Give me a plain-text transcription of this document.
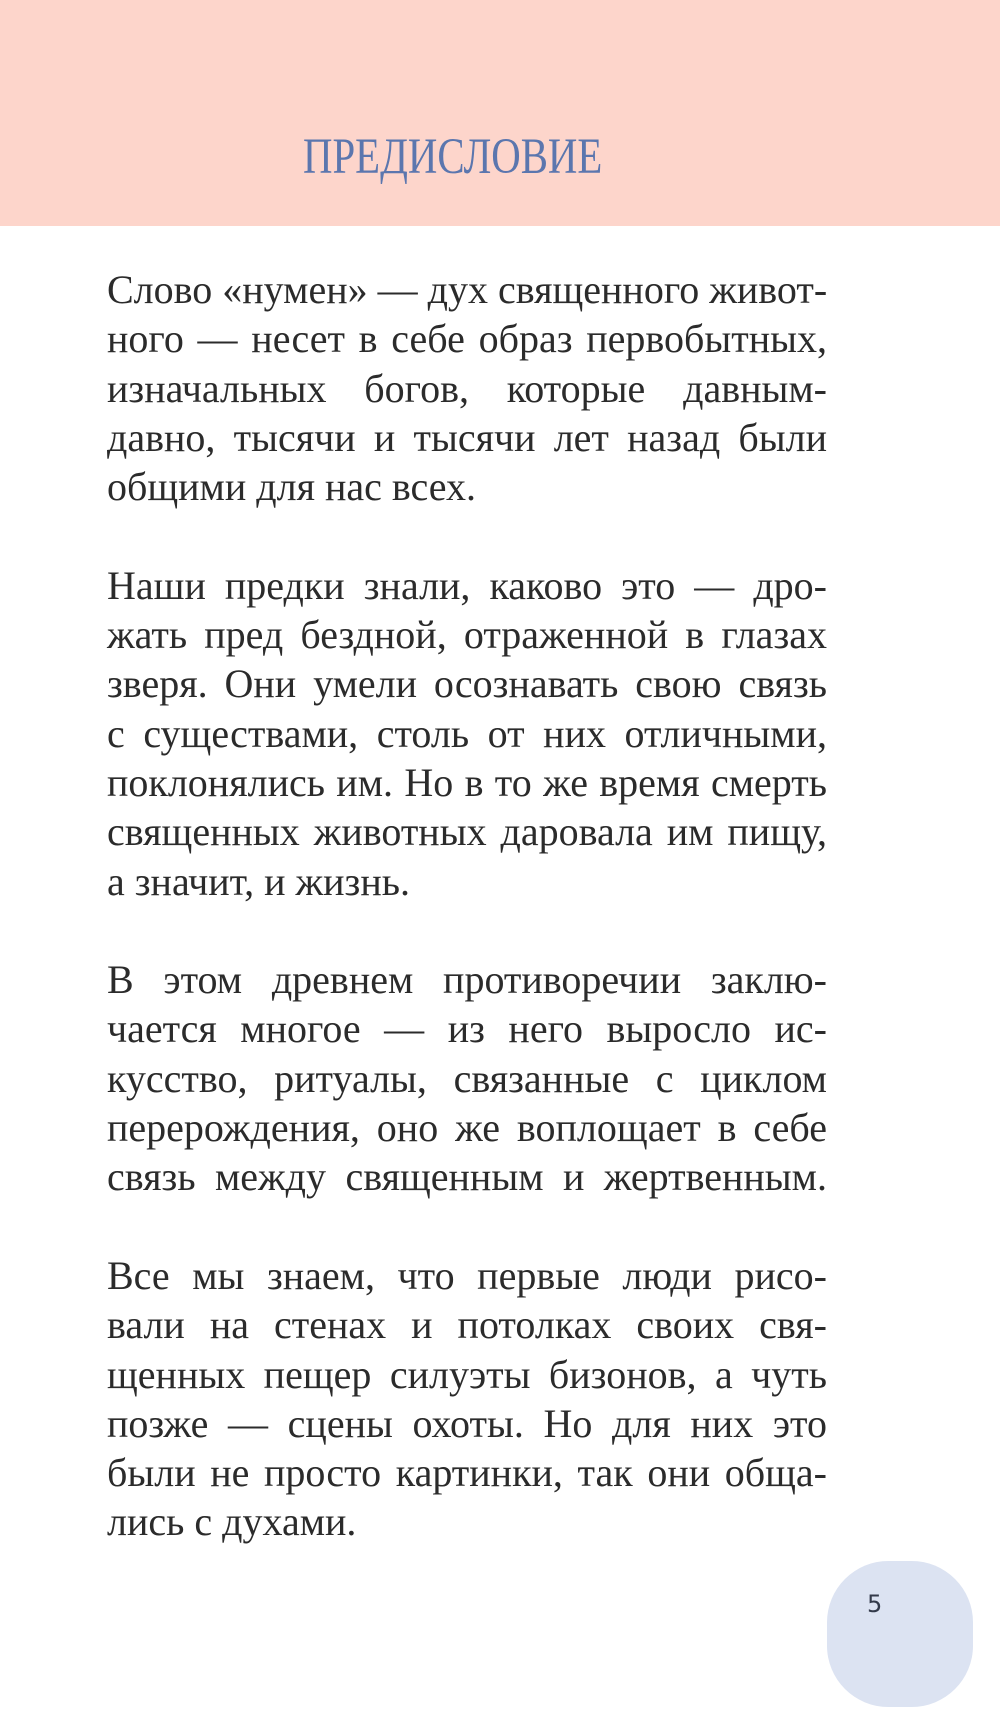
ПРЕДИСЛОВИЕ

Слово «нумен» — дух священного живот-
ного — несет в себе образ первобытных,
изначальных богов, которые давным-
давно, тысячи и тысячи лет назад были
общими для нас всех.

Наши предки знали, каково это — дро-
жать пред бездной, отраженной в глазах
зверя. Они умели осознавать свою связь
с существами, столь от них отличными,
поклонялись им. Но в то же время смерть
священных животных даровала им пищу,
а значит, и жизнь.

В этом древнем противоречии заклю-
чается многое — из него выросло ис-
кусство, ритуалы, связанные с циклом
перерождения, оно же воплощает в себе
связь между священным и жертвенным.

Все мы знаем, что первые люди рисо-
вали на стенах и потолках своих свя-
щенных пещер силуэты бизонов, а чуть
позже — сцены охоты. Но для них это
были не просто картинки, так они обща-
лись с духами.

5
